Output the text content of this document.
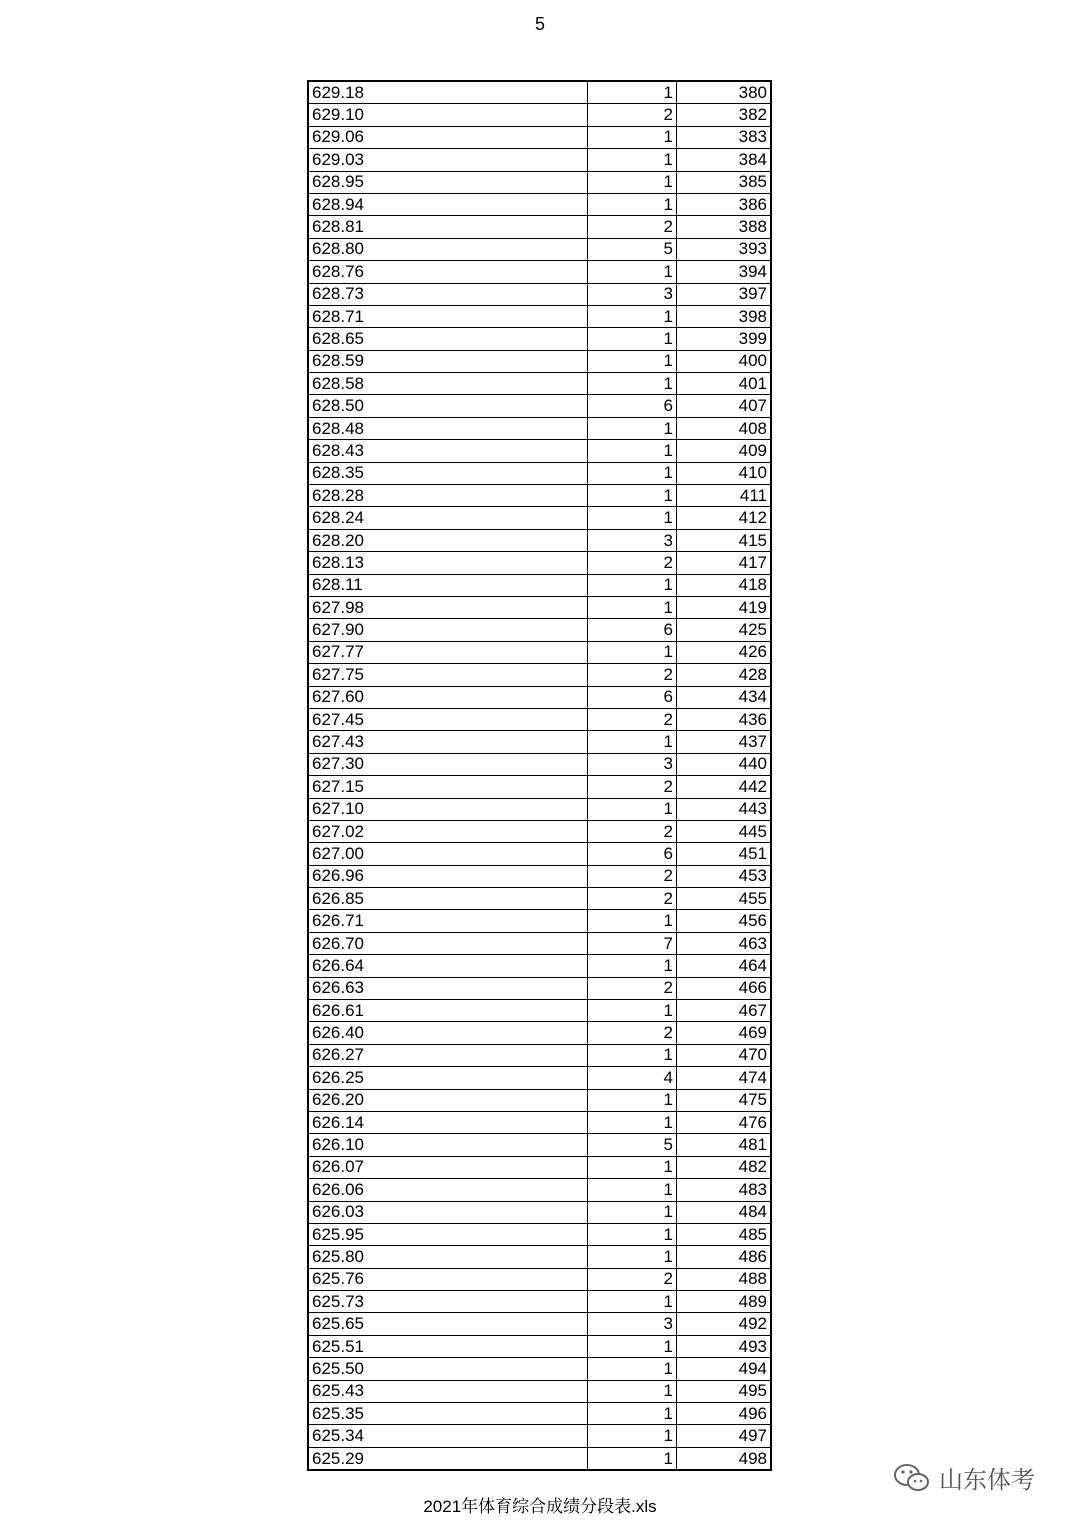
5
629.18	1	380
629.10	2	382
629.06	1	383
629.03	1	384
628.95	1	385
628.94	1	386
628.81	2	388
628.80	5	393
628.76	1	394
628.73	3	397
628.71	1	398
628.65	1	399
628.59	1	400
628.58	1	401
628.50	6	407
628.48	1	408
628.43	1	409
628.35	1	410
628.28	1	411
628.24	1	412
628.20	3	415
628.13	2	417
628.11	1	418
627.98	1	419
627.90	6	425
627.77	1	426
627.75	2	428
627.60	6	434
627.45	2	436
627.43	1	437
627.30	3	440
627.15	2	442
627.10	1	443
627.02	2	445
627.00	6	451
626.96	2	453
626.85	2	455
626.71	1	456
626.70	7	463
626.64	1	464
626.63	2	466
626.61	1	467
626.40	2	469
626.27	1	470
626.25	4	474
626.20	1	475
626.14	1	476
626.10	5	481
626.07	1	482
626.06	1	483
626.03	1	484
625.95	1	485
625.80	1	486
625.76	2	488
625.73	1	489
625.65	3	492
625.51	1	493
625.50	1	494
625.43	1	495
625.35	1	496
625.34	1	497
625.29	1	498
2021年体育综合成绩分段表.xls
山东体考
